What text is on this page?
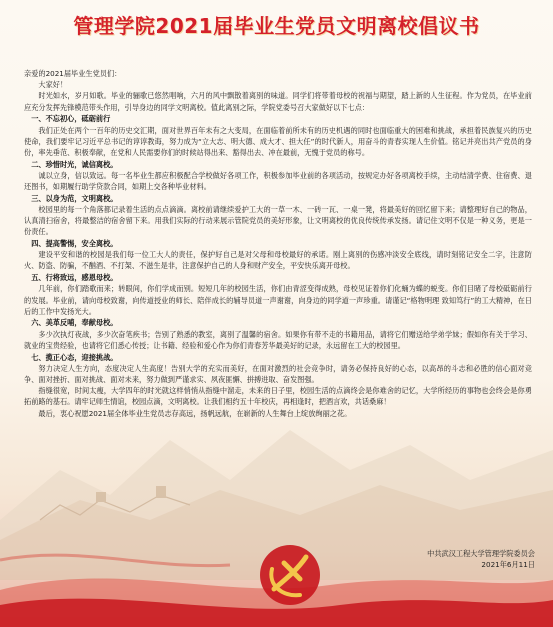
管理学院2021届毕业生党员文明离校倡议书

亲爱的2021届毕业生党员们：

大家好！

时光如水，岁月如歌。毕业的骊歌已悠然唱响，六月的风中飘散着离别的味道。同学们将带着母校的祝福与期望，踏上新的人生征程。作为党员，在毕业前应充分发挥先锋模范带头作用，引导身边的同学文明离校。值此离别之际，学院党委号召大家做好以下七点：

一、不忘初心，砥砺前行

我们正处在两个一百年的历史交汇期，面对世界百年未有之大变局，在面临着前所未有的历史机遇的同时也面临重大的困难和挑战，承担着民族复兴的历史使命，我们要牢记习近平总书记的谆谆教诲，努力成为“立大志、明大德、成大才、担大任”的时代新人，用奋斗的青春实现人生价值。铭记并亮出共产党员的身份，率先垂范、积极奉献，在党和人民需要你们的时候站得出来、豁得出去、冲在最前，无愧于党员的称号。

二、珍惜时光，诚信离校。

诚以立身，信以致远。每一名毕业生都应积极配合学校做好各项工作，积极参加毕业前的各项活动，按规定办好各项离校手续，主动结清学费、住宿费、退还图书，如期履行助学贷款合同，如期上交各种毕业材料。

三、以身为范，文明离校。

校园里的每一个角落都记录着生活的点点滴滴。离校前请继续爱护工大的一草一木、一砖一瓦、一桌一凳，将最美好的回忆留下来；请整理好自己的物品，认真清扫宿舍，将最整洁的宿舍留下来。用我们实际的行动来展示管院党员的美好形象，让文明离校的优良传统传承发扬。请记住文明不仅是一种义务，更是一份责任。

四、提高警惕，安全离校。

建设平安和谐的校园是我们每一位工大人的责任，保护好自己是对父母和母校最好的承诺。刚上离别的伤感冲淡安全底线，请时刻铭记安全二字，注意防火、防盗、防骗，不酗酒、不打架、不滋生是非，注意保护自己的人身和财产安全，平安快乐离开母校。

五、行将致远，感恩母校。

几年前，你们踏歌而来；转眼间，你们学成而别。短短几年的校园生活，你们由青涩变得成熟，母校见证着你们化蛹为蝶的蜕变。你们目睹了母校砥砺前行的发展。毕业前，请向母校致谢，向传道授业的师长、陪伴成长的辅导员道一声谢谢，向身边的同学道一声珍重。请谨记“格物明理 致知笃行”的工大精神，在日后的工作中发扬光大。

六、美革反哺，奉献母校。

多少次执灯夜战，多少次奋笔疾书；告别了熟悉的教室，离别了温馨的宿舍。如果你有带不走的书籍用品，请将它们赠送给学弟学妹；假如你有关于学习、就业的宝贵经验，也请将它们悉心传授；让书籍、经验和爱心作为你们青春芳华最美好的记录，永远留在工大的校园里。

七、揽正心态，迎接挑战。

努力决定人生方向，态度决定人生高度！告别大学的充实而美好，在面对激烈的社会竞争时，请务必保持良好的心态，以高昂的斗志和必胜的信心面对竞争、面对挫折、面对挑战、面对未来，努力做到严谨求实、夙夜匪懈、拼搏进取、奋发图强。

指缝很宽，时间太瘦，大学四年的时光就这样悄悄从指缝中溜走，未来的日子里，校园生活的点滴终会是你难舍的记忆，大学所经历的事物也会终会是你勇拓前路的基石。请牢记师生情谊，校园点滴，文明离校。让我们相约五十年校庆，再相逢时，把酒言欢，共话桑麻！

最后，衷心祝愿2021届全体毕业生党员志存高远，扬帆远航，在崭新的人生舞台上绽放绚丽之花。

中共武汉工程大学管理学院委员会
2021年6月11日
